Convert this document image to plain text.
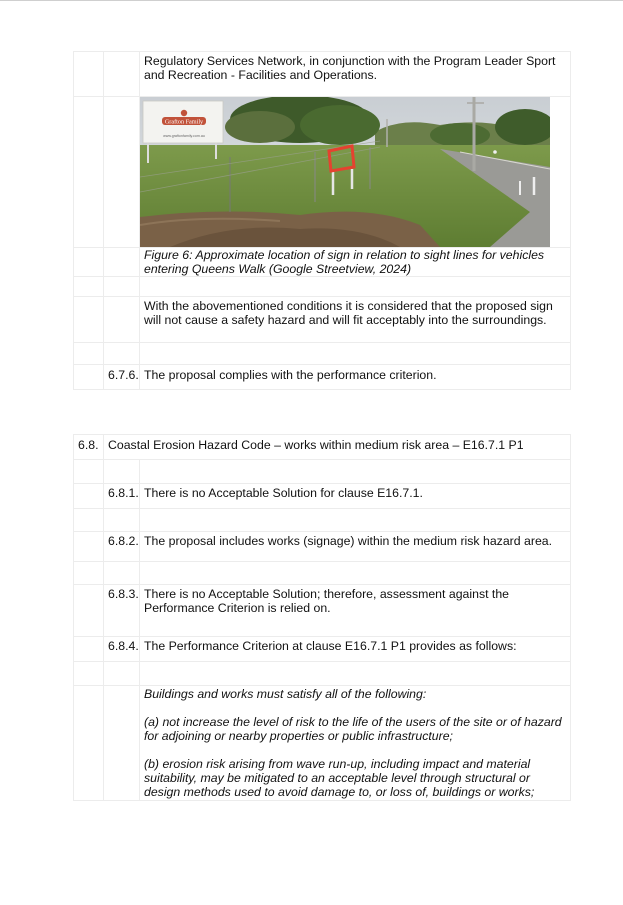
		Regulatory Services Network, in conjunction with the Program Leader Sport and Recreation - Facilities and Operations.

Grafton Family
www.graftonfamily.com.au

		Figure 6: Approximate location of sign in relation to sight lines for vehicles entering Queens Walk (Google Streetview, 2024)

		With the abovementioned conditions it is considered that the proposed sign will not cause a safety hazard and will fit acceptably into the surroundings.

	6.7.6.	The proposal complies with the performance criterion.
6.8.	Coastal Erosion Hazard Code – works within medium risk area – E16.7.1 P1	

	6.8.1.	There is no Acceptable Solution for clause E16.7.1.

	6.8.2.	The proposal includes works (signage) within the medium risk hazard area.

	6.8.3.	There is no Acceptable Solution; therefore, assessment against the Performance Criterion is relied on.
	6.8.4.	The Performance Criterion at clause E16.7.1 P1 provides as follows:

		Buildings and works must satisfy all of the following:
(a) not increase the level of risk to the life of the users of the site or of hazard for adjoining or nearby properties or public infrastructure;
(b) erosion risk arising from wave run-up, including impact and material suitability, may be mitigated to an acceptable level through structural or design methods used to avoid damage to, or loss of, buildings or works;
